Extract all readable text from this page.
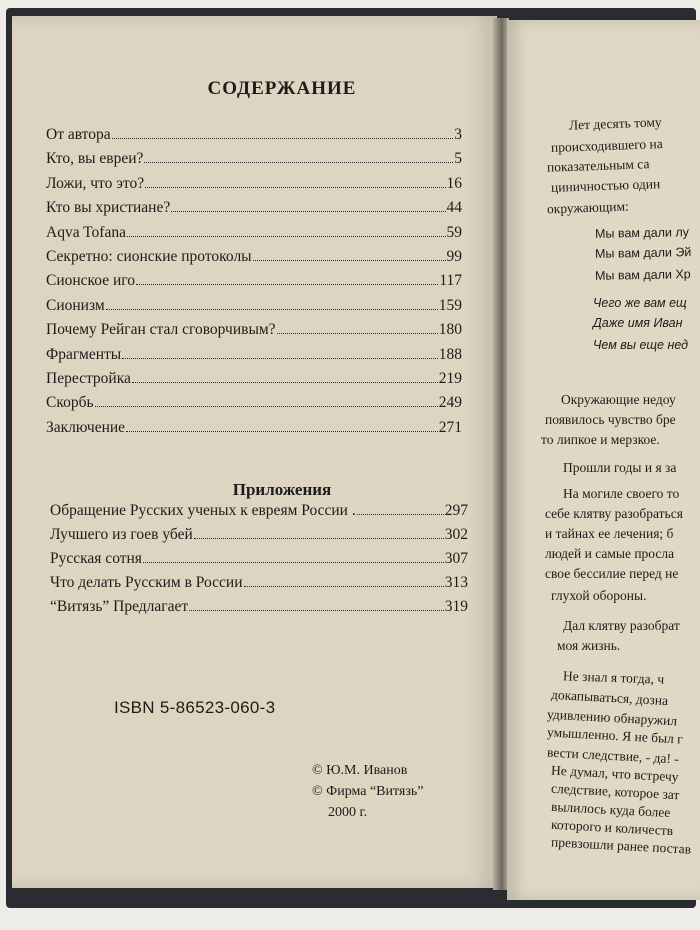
СОДЕРЖАНИЕ
От автора	3
Кто, вы евреи?	5
Ложи, что это?	16
Кто вы христиане?	44
Aqva Tofana	59
Секретно: сионские протоколы	99
Сионское иго	117
Сионизм	159
Почему Рейган стал сговорчивым?	180
Фрагменты	188
Перестройка	219
Скорбь	249
Заключение	271
Приложения
Обращение Русских ученых к евреям России .	297
Лучшего из гоев убей	302
Русская сотня	307
Что делать Русским в России	313
“Витязь” Предлагает	319
ISBN 5-86523-060-3
© Ю.М. Иванов
© Фирма “Витязь”
2000 г.
Лет десять тому
происходившего на
показательным са
циничностью один
окружающим:
Мы вам дали лу
Мы вам дали Эй
Мы вам дали Хр
Чего же вам ещ
Даже имя Иван
Чем вы еще нед
Окружающие недоу
появилось чувство бре
то липкое и мерзкое.
Прошли годы и я за
На могиле своего то
себе клятву разобраться
и тайнах ее лечения; б
людей и самые просла
свое бессилие перед не
глухой обороны.
Дал клятву разобрат
моя жизнь.
Не знал я тогда, ч
докапываться, дозна
удивлению обнаружил
умышленно. Я не был г
вести следствие, - да! -
Не думал, что встречу
следствие, которое зат
вылилось куда более
которого и количеств
превзошли ранее постав
